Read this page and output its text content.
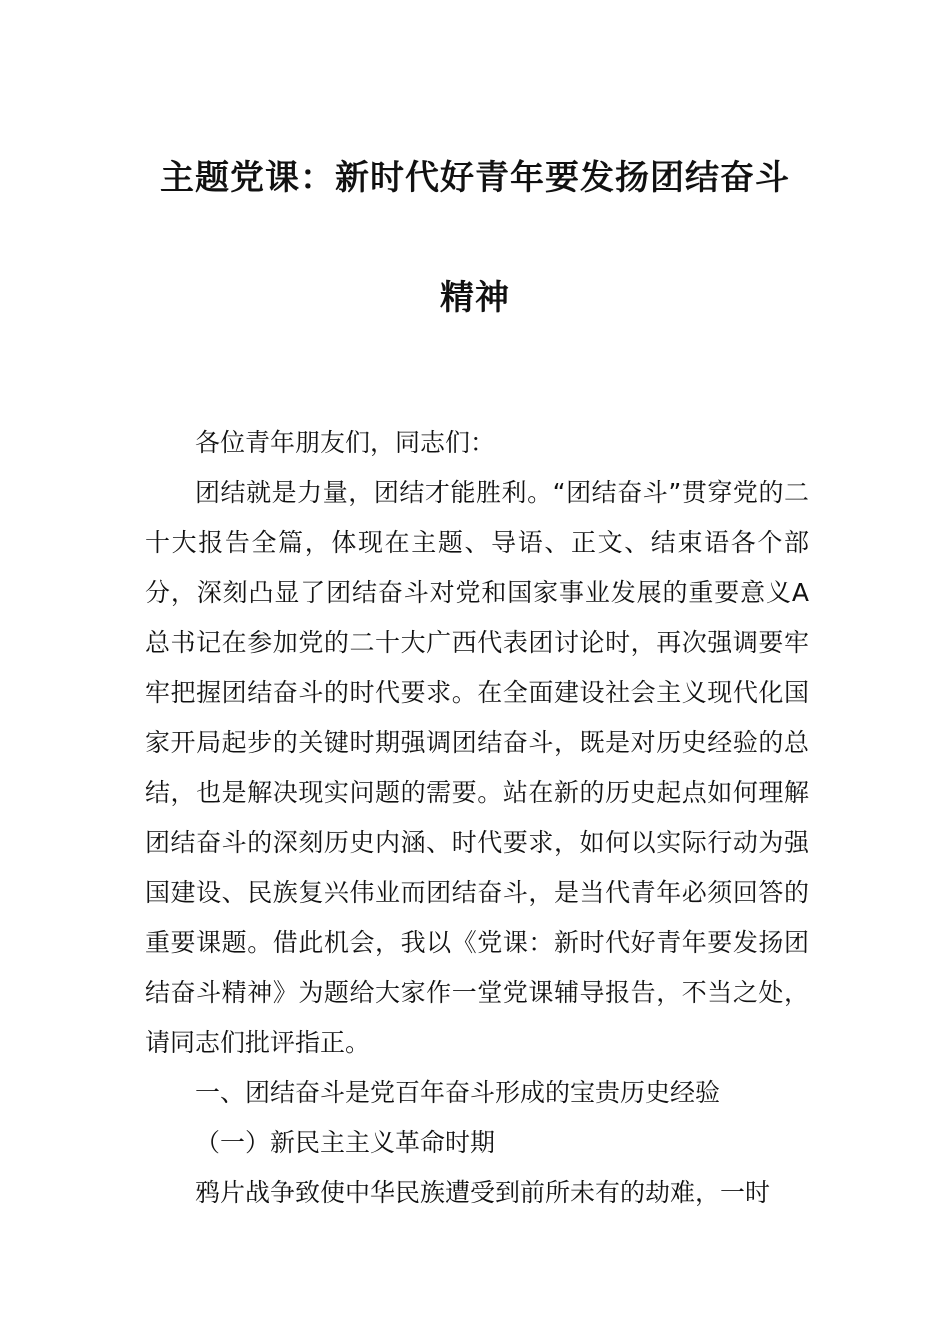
主题党课：新时代好青年要发扬团结奋斗
精神

各位青年朋友们，同志们：

团结就是力量，团结才能胜利。“团结奋斗”贯穿党的二十大报告全篇，体现在主题、导语、正文、结束语各个部分，深刻凸显了团结奋斗对党和国家事业发展的重要意义A总书记在参加党的二十大广西代表团讨论时，再次强调要牢牢把握团结奋斗的时代要求。在全面建设社会主义现代化国家开局起步的关键时期强调团结奋斗，既是对历史经验的总结，也是解决现实问题的需要。站在新的历史起点如何理解团结奋斗的深刻历史内涵、时代要求，如何以实际行动为强国建设、民族复兴伟业而团结奋斗，是当代青年必须回答的重要课题。借此机会，我以《党课：新时代好青年要发扬团结奋斗精神》为题给大家作一堂党课辅导报告，不当之处，请同志们批评指正。

一、团结奋斗是党百年奋斗形成的宝贵历史经验

（一）新民主主义革命时期

鸦片战争致使中华民族遭受到前所未有的劫难，一时
